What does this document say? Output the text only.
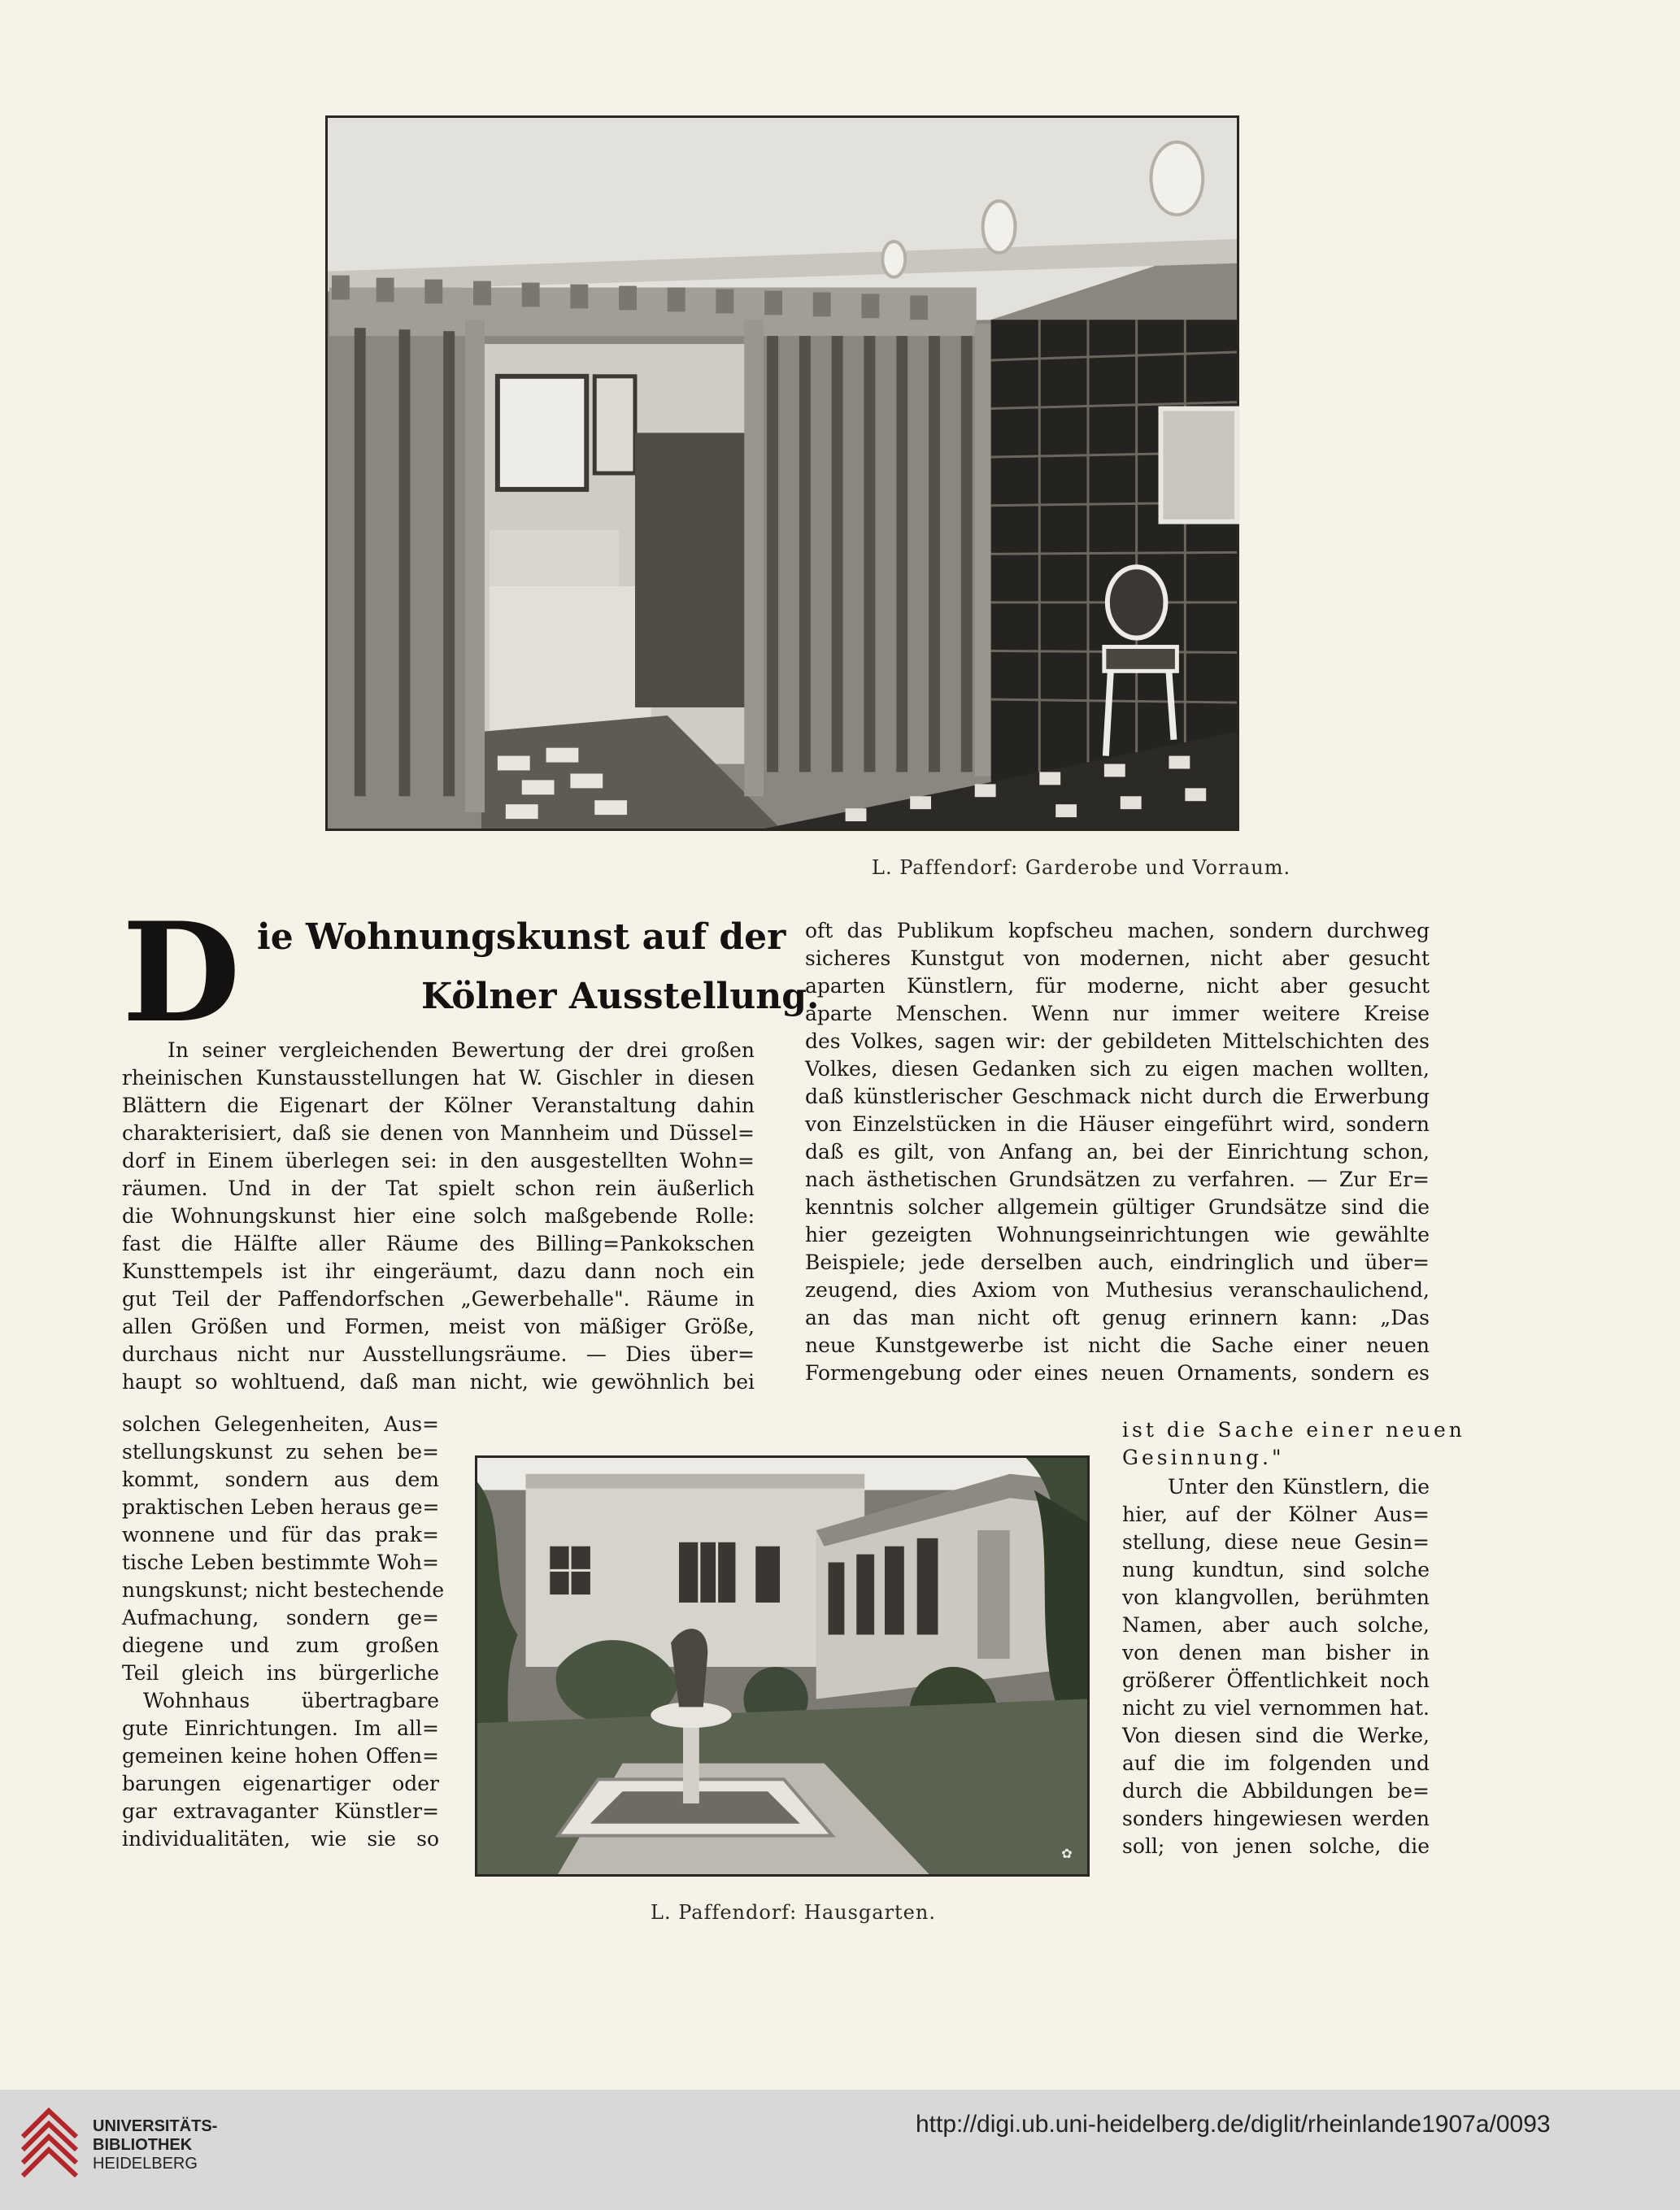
L. Paffendorf: Garderobe und Vorraum.
D ie Wohnungskunst auf der
Kölner Ausstellung.
In seiner vergleichenden Bewertung der drei großen
rheinischen Kunstausstellungen hat W. Gischler in diesen
Blättern die Eigenart der Kölner Veranstaltung dahin
charakterisiert, daß sie denen von Mannheim und Düssel=
dorf in Einem überlegen sei: in den ausgestellten Wohn=
räumen. Und in der Tat spielt schon rein äußerlich
die Wohnungskunst hier eine solch maßgebende Rolle:
fast die Hälfte aller Räume des Billing=Pankokschen
Kunsttempels ist ihr eingeräumt, dazu dann noch ein
gut Teil der Paffendorfschen „Gewerbehalle". Räume in
allen Größen und Formen, meist von mäßiger Größe,
durchaus nicht nur Ausstellungsräume. — Dies über=
haupt so wohltuend, daß man nicht, wie gewöhnlich bei
solchen Gelegenheiten, Aus=
stellungskunst zu sehen be=
kommt, sondern aus dem
praktischen Leben heraus ge=
wonnene und für das prak=
tische Leben bestimmte Woh=
nungskunst; nicht bestechende
Aufmachung, sondern ge=
diegene und zum großen
Teil gleich ins bürgerliche
Wohnhaus übertragbare
gute Einrichtungen. Im all=
gemeinen keine hohen Offen=
barungen eigenartiger oder
gar extravaganter Künstler=
individualitäten, wie sie so
oft das Publikum kopfscheu machen, sondern durchweg
sicheres Kunstgut von modernen, nicht aber gesucht
aparten Künstlern, für moderne, nicht aber gesucht
aparte Menschen. Wenn nur immer weitere Kreise
des Volkes, sagen wir: der gebildeten Mittelschichten des
Volkes, diesen Gedanken sich zu eigen machen wollten,
daß künstlerischer Geschmack nicht durch die Erwerbung
von Einzelstücken in die Häuser eingeführt wird, sondern
daß es gilt, von Anfang an, bei der Einrichtung schon,
nach ästhetischen Grundsätzen zu verfahren. — Zur Er=
kenntnis solcher allgemein gültiger Grundsätze sind die
hier gezeigten Wohnungseinrichtungen wie gewählte
Beispiele; jede derselben auch, eindringlich und über=
zeugend, dies Axiom von Muthesius veranschaulichend,
an das man nicht oft genug erinnern kann: „Das
neue Kunstgewerbe ist nicht die Sache einer neuen
Formengebung oder eines neuen Ornaments, sondern es
ist die Sache einer neuen
Gesinnung."
Unter den Künstlern, die
hier, auf der Kölner Aus=
stellung, diese neue Gesin=
nung kundtun, sind solche
von klangvollen, berühmten
Namen, aber auch solche,
von denen man bisher in
größerer Öffentlichkeit noch
nicht zu viel vernommen hat.
Von diesen sind die Werke,
auf die im folgenden und
durch die Abbildungen be=
sonders hingewiesen werden
soll; von jenen solche, die
✿
L. Paffendorf: Hausgarten.
UNIVERSITÄTS-
BIBLIOTHEK
HEIDELBERG
http://digi.ub.uni-heidelberg.de/diglit/rheinlande1907a/0093
